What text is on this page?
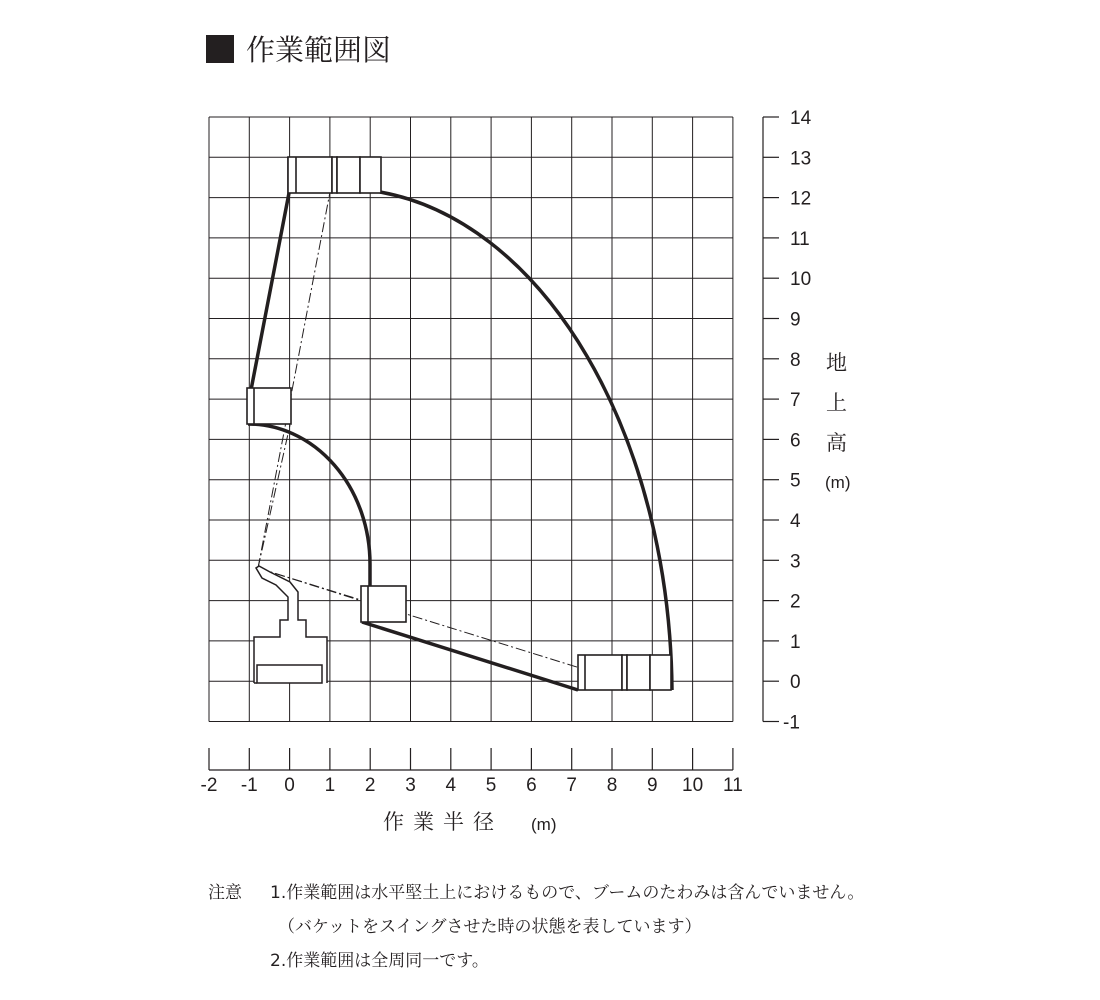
作業範囲図
-1
0
1
2
3
4
5
6
7
8
9
10
11
12
13
14
-2 -1 0 1 2 3 4 5 6 7 8 9 10 11
作業半径 (m)
地
上
高
(m)
注意	1.作業範囲は水平堅土上におけるもので、ブームのたわみは含んでいません。
（バケットをスイングさせた時の状態を表しています）
2.作業範囲は全周同一です。
